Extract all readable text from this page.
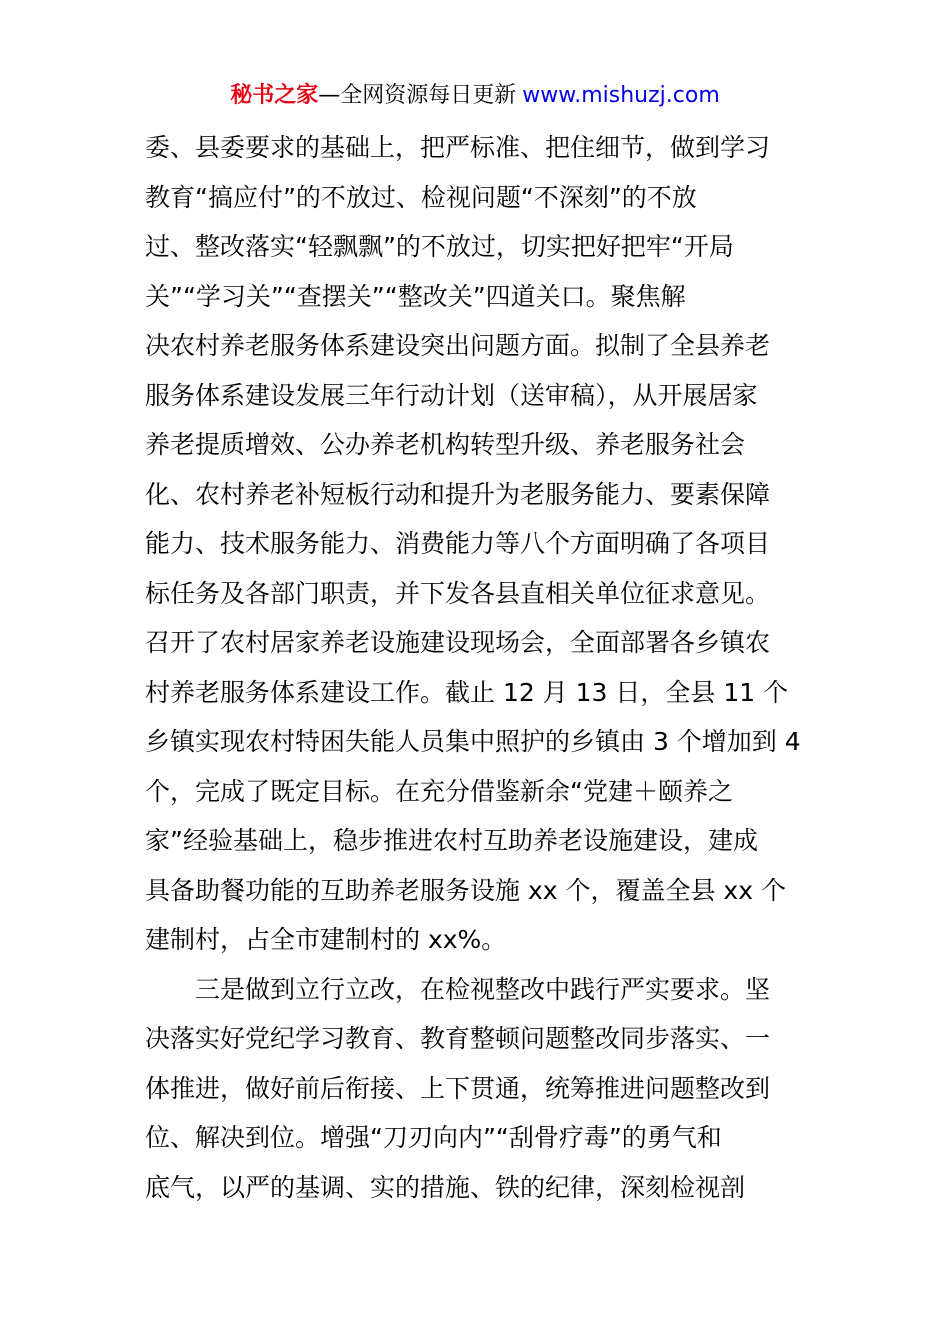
秘书之家—全网资源每日更新 www.mishuzj.com
委、县委要求的基础上，把严标准、把住细节，做到学习
教育“搞应付”的不放过、检视问题“不深刻”的不放
过、整改落实“轻飘飘”的不放过，切实把好把牢“开局
关”“学习关”“查摆关”“整改关”四道关口。聚焦解
决农村养老服务体系建设突出问题方面。拟制了全县养老
服务体系建设发展三年行动计划（送审稿），从开展居家
养老提质增效、公办养老机构转型升级、养老服务社会
化、农村养老补短板行动和提升为老服务能力、要素保障
能力、技术服务能力、消费能力等八个方面明确了各项目
标任务及各部门职责，并下发各县直相关单位征求意见。
召开了农村居家养老设施建设现场会，全面部署各乡镇农
村养老服务体系建设工作。截止 12 月 13 日，全县 11 个
乡镇实现农村特困失能人员集中照护的乡镇由 3 个增加到 4
个，完成了既定目标。在充分借鉴新余“党建＋颐养之
家”经验基础上，稳步推进农村互助养老设施建设，建成
具备助餐功能的互助养老服务设施 xx 个，覆盖全县 xx 个
建制村，占全市建制村的 xx%。
三是做到立行立改，在检视整改中践行严实要求。坚
决落实好党纪学习教育、教育整顿问题整改同步落实、一
体推进，做好前后衔接、上下贯通，统筹推进问题整改到
位、解决到位。增强“刀刃向内”“刮骨疗毒”的勇气和
底气，以严的基调、实的措施、铁的纪律，深刻检视剖
